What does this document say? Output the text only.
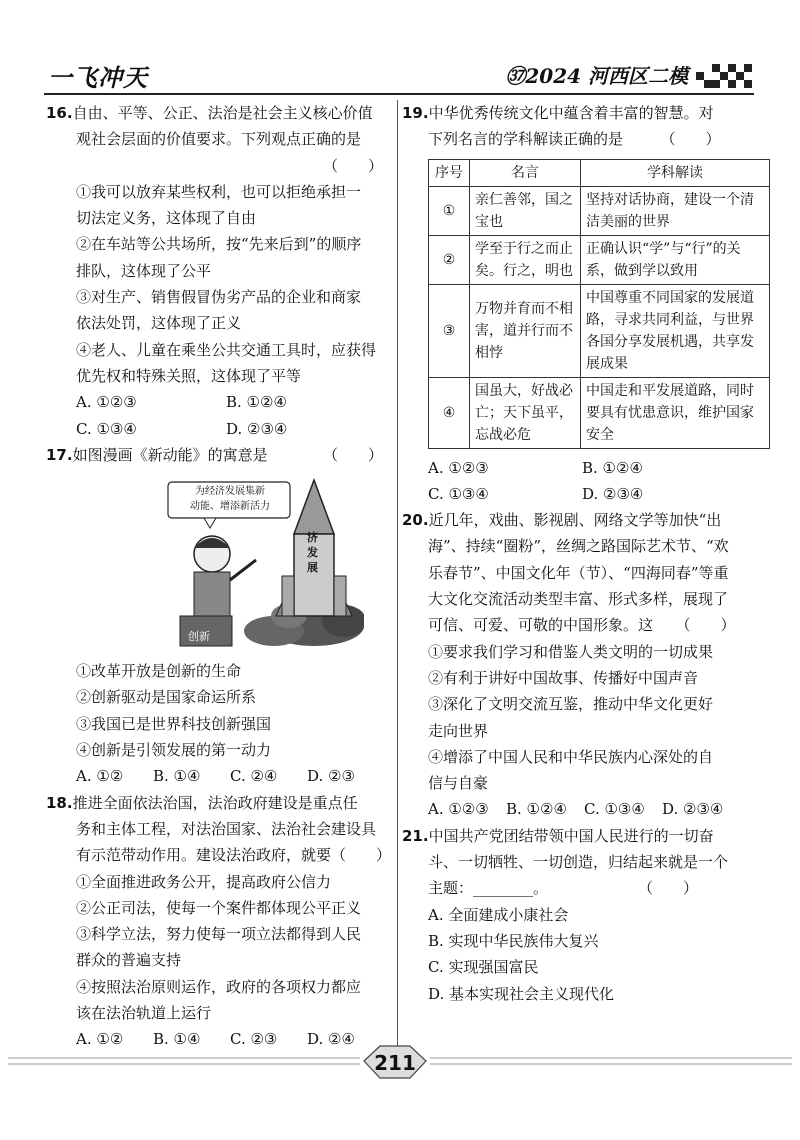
一飞冲天	㊲2024 河西区二模
16.自由、平等、公正、法治是社会主义核心价值
观社会层面的价值要求。下列观点正确的是
（　　）
①我可以放弃某些权利，也可以拒绝承担一
切法定义务，这体现了自由
②在车站等公共场所，按“先来后到”的顺序
排队，这体现了公平
③对生产、销售假冒伪劣产品的企业和商家
依法处罚，这体现了正义
④老人、儿童在乘坐公共交通工具时，应获得
优先权和特殊关照，这体现了平等
A. ①②③	B. ①②④
C. ①③④	D. ②③④
17.如图漫画《新动能》的寓意是	（　　）
为经济发展集新
动能、增添新活力
济
发
展
创新
①改革开放是创新的生命
②创新驱动是国家命运所系
③我国已是世界科技创新强国
④创新是引领发展的第一动力
A. ①② B. ①④ C. ②④ D. ②③
18.推进全面依法治国，法治政府建设是重点任
务和主体工程，对法治国家、法治社会建设具
有示范带动作用。建设法治政府，就要（　　）
①全面推进政务公开，提高政府公信力
②公正司法，使每一个案件都体现公平正义
③科学立法，努力使每一项立法都得到人民
群众的普遍支持
④按照法治原则运作，政府的各项权力都应
该在法治轨道上运行
A. ①② B. ①④ C. ②③ D. ②④
19.中华优秀传统文化中蕴含着丰富的智慧。对
下列名言的学科解读正确的是　　　（　　）
序号	名言	学科解读
①	亲仁善邻，国之宝也	坚持对话协商，建设一个清洁美丽的世界
②	学至于行之而止矣。行之，明也	正确认识“学”与“行”的关系，做到学以致用
③	万物并育而不相害，道并行而不相悖	中国尊重不同国家的发展道路，寻求共同利益，与世界各国分享发展机遇，共享发展成果
④	国虽大，好战必亡；天下虽平，忘战必危	中国走和平发展道路，同时要具有忧患意识，维护国家安全
A. ①②③	B. ①②④
C. ①③④	D. ②③④
20.近几年，戏曲、影视剧、网络文学等加快“出
海”、持续“圈粉”，丝绸之路国际艺术节、“欢
乐春节”、中国文化年（节）、“四海同春”等重
大文化交流活动类型丰富、形式多样，展现了
可信、可爱、可敬的中国形象。这　　（　　）
①要求我们学习和借鉴人类文明的一切成果
②有利于讲好中国故事、传播好中国声音
③深化了文明交流互鉴，推动中华文化更好
走向世界
④增添了中国人民和中华民族内心深处的自
信与自豪
A. ①②③ B. ①②④ C. ①③④ D. ②③④
21.中国共产党团结带领中国人民进行的一切奋
斗、一切牺牲、一切创造，归结起来就是一个
主题：________。　　　　　　　（　　）
A. 全面建成小康社会
B. 实现中华民族伟大复兴
C. 实现强国富民
D. 基本实现社会主义现代化
211
